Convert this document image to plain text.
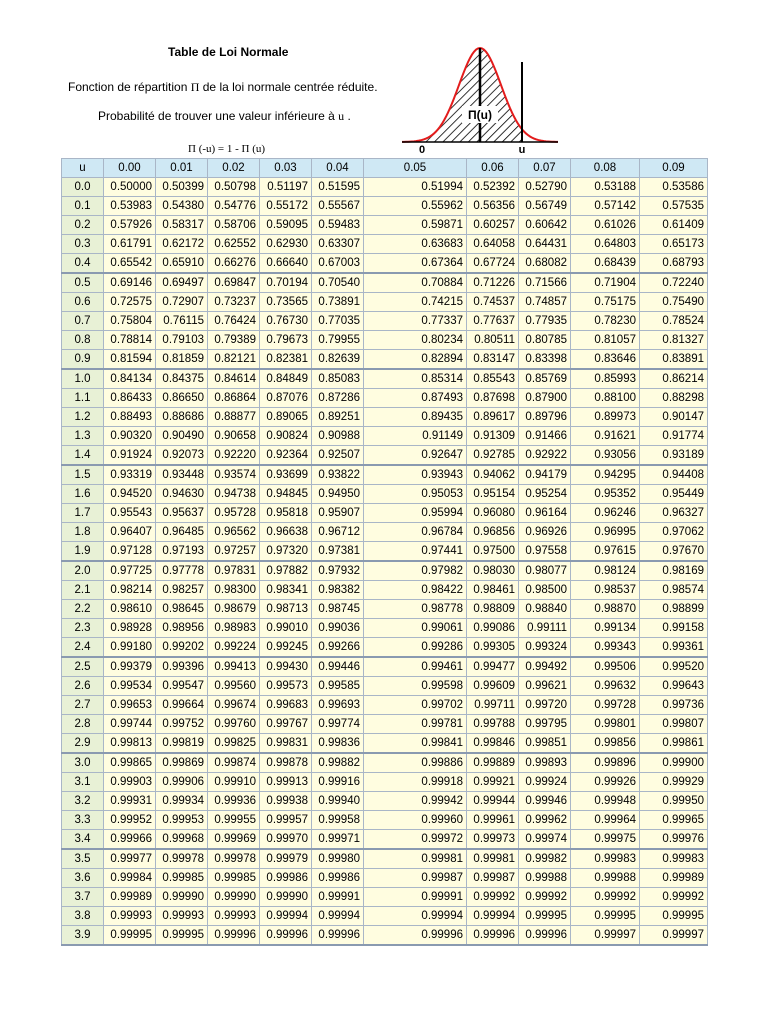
Table de Loi Normale
Fonction de répartition Π de la loi normale centrée réduite.
Probabilité de trouver une valeur inférieure à u .
Π (-u) = 1 - Π (u)
Π(u)
0	u
u	0.00	0.01	0.02	0.03	0.04	0.05	0.06	0.07	0.08	0.09
0.0	0.50000	0.50399	0.50798	0.51197	0.51595	0.51994	0.52392	0.52790	0.53188	0.53586
0.1	0.53983	0.54380	0.54776	0.55172	0.55567	0.55962	0.56356	0.56749	0.57142	0.57535
0.2	0.57926	0.58317	0.58706	0.59095	0.59483	0.59871	0.60257	0.60642	0.61026	0.61409
0.3	0.61791	0.62172	0.62552	0.62930	0.63307	0.63683	0.64058	0.64431	0.64803	0.65173
0.4	0.65542	0.65910	0.66276	0.66640	0.67003	0.67364	0.67724	0.68082	0.68439	0.68793
0.5	0.69146	0.69497	0.69847	0.70194	0.70540	0.70884	0.71226	0.71566	0.71904	0.72240
0.6	0.72575	0.72907	0.73237	0.73565	0.73891	0.74215	0.74537	0.74857	0.75175	0.75490
0.7	0.75804	0.76115	0.76424	0.76730	0.77035	0.77337	0.77637	0.77935	0.78230	0.78524
0.8	0.78814	0.79103	0.79389	0.79673	0.79955	0.80234	0.80511	0.80785	0.81057	0.81327
0.9	0.81594	0.81859	0.82121	0.82381	0.82639	0.82894	0.83147	0.83398	0.83646	0.83891
1.0	0.84134	0.84375	0.84614	0.84849	0.85083	0.85314	0.85543	0.85769	0.85993	0.86214
1.1	0.86433	0.86650	0.86864	0.87076	0.87286	0.87493	0.87698	0.87900	0.88100	0.88298
1.2	0.88493	0.88686	0.88877	0.89065	0.89251	0.89435	0.89617	0.89796	0.89973	0.90147
1.3	0.90320	0.90490	0.90658	0.90824	0.90988	0.91149	0.91309	0.91466	0.91621	0.91774
1.4	0.91924	0.92073	0.92220	0.92364	0.92507	0.92647	0.92785	0.92922	0.93056	0.93189
1.5	0.93319	0.93448	0.93574	0.93699	0.93822	0.93943	0.94062	0.94179	0.94295	0.94408
1.6	0.94520	0.94630	0.94738	0.94845	0.94950	0.95053	0.95154	0.95254	0.95352	0.95449
1.7	0.95543	0.95637	0.95728	0.95818	0.95907	0.95994	0.96080	0.96164	0.96246	0.96327
1.8	0.96407	0.96485	0.96562	0.96638	0.96712	0.96784	0.96856	0.96926	0.96995	0.97062
1.9	0.97128	0.97193	0.97257	0.97320	0.97381	0.97441	0.97500	0.97558	0.97615	0.97670
2.0	0.97725	0.97778	0.97831	0.97882	0.97932	0.97982	0.98030	0.98077	0.98124	0.98169
2.1	0.98214	0.98257	0.98300	0.98341	0.98382	0.98422	0.98461	0.98500	0.98537	0.98574
2.2	0.98610	0.98645	0.98679	0.98713	0.98745	0.98778	0.98809	0.98840	0.98870	0.98899
2.3	0.98928	0.98956	0.98983	0.99010	0.99036	0.99061	0.99086	0.99111	0.99134	0.99158
2.4	0.99180	0.99202	0.99224	0.99245	0.99266	0.99286	0.99305	0.99324	0.99343	0.99361
2.5	0.99379	0.99396	0.99413	0.99430	0.99446	0.99461	0.99477	0.99492	0.99506	0.99520
2.6	0.99534	0.99547	0.99560	0.99573	0.99585	0.99598	0.99609	0.99621	0.99632	0.99643
2.7	0.99653	0.99664	0.99674	0.99683	0.99693	0.99702	0.99711	0.99720	0.99728	0.99736
2.8	0.99744	0.99752	0.99760	0.99767	0.99774	0.99781	0.99788	0.99795	0.99801	0.99807
2.9	0.99813	0.99819	0.99825	0.99831	0.99836	0.99841	0.99846	0.99851	0.99856	0.99861
3.0	0.99865	0.99869	0.99874	0.99878	0.99882	0.99886	0.99889	0.99893	0.99896	0.99900
3.1	0.99903	0.99906	0.99910	0.99913	0.99916	0.99918	0.99921	0.99924	0.99926	0.99929
3.2	0.99931	0.99934	0.99936	0.99938	0.99940	0.99942	0.99944	0.99946	0.99948	0.99950
3.3	0.99952	0.99953	0.99955	0.99957	0.99958	0.99960	0.99961	0.99962	0.99964	0.99965
3.4	0.99966	0.99968	0.99969	0.99970	0.99971	0.99972	0.99973	0.99974	0.99975	0.99976
3.5	0.99977	0.99978	0.99978	0.99979	0.99980	0.99981	0.99981	0.99982	0.99983	0.99983
3.6	0.99984	0.99985	0.99985	0.99986	0.99986	0.99987	0.99987	0.99988	0.99988	0.99989
3.7	0.99989	0.99990	0.99990	0.99990	0.99991	0.99991	0.99992	0.99992	0.99992	0.99992
3.8	0.99993	0.99993	0.99993	0.99994	0.99994	0.99994	0.99994	0.99995	0.99995	0.99995
3.9	0.99995	0.99995	0.99996	0.99996	0.99996	0.99996	0.99996	0.99996	0.99997	0.99997
